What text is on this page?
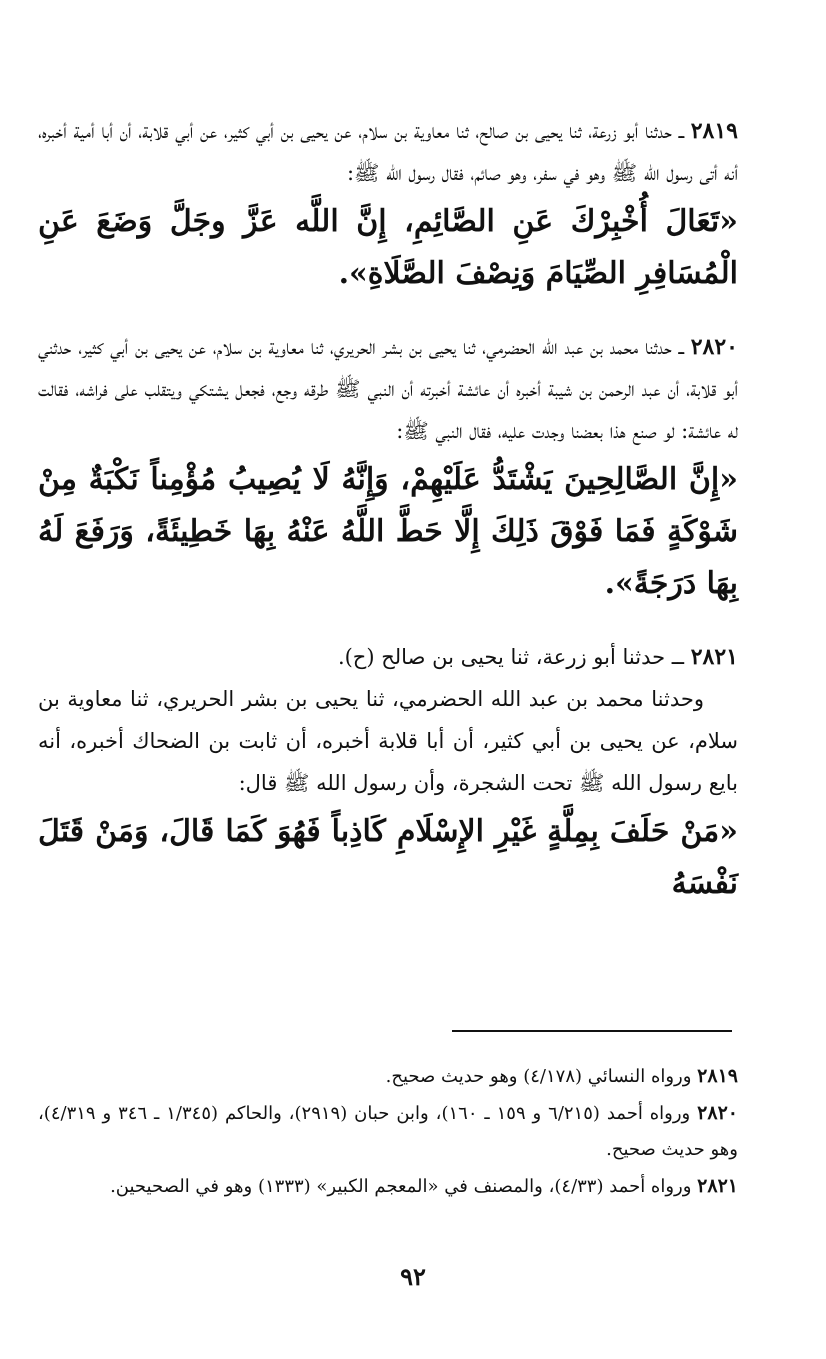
٢٨١٩ ــ حدثنا أبو زرعة، ثنا يحيى بن صالح، ثنا معاوية بن سلام، عن يحيى بن أبي كثير، عن أبي قلابة، أن أبا أمية أخبره، أنه أتى رسول الله ﷺ وهو في سفر، وهو صائم، فقال رسول الله ﷺ:

«تَعَالَ أُخْبِرْكَ عَنِ الصَّائِمِ، إِنَّ اللَّه عَزَّ وجَلَّ وَضَعَ عَنِ الْمُسَافِرِ الصِّيَامَ وَنِصْفَ الصَّلَاةِ».

٢٨٢٠ ــ حدثنا محمد بن عبد الله الحضرمي، ثنا يحيى بن بشر الحريري، ثنا معاوية بن سلام، عن يحيى بن أبي كثير، حدثني أبو قلابة، أن عبد الرحمن بن شيبة أخبره أن عائشة أخبرته أن النبي ﷺ طرقه وجع، فجعل يشتكي ويتقلب على فراشه، فقالت له عائشة: لو صنع هذا بعضنا وجدت عليه، فقال النبي ﷺ:

«إِنَّ الصَّالِحِينَ يَشْتَدُّ عَلَيْهِمْ، وَإِنَّهُ لَا يُصِيبُ مُؤْمِناً نَكْبَةٌ مِنْ شَوْكَةٍ فَمَا فَوْقَ ذَلِكَ إِلَّا حَطَّ اللَّهُ عَنْهُ بِهَا خَطِيئَةً، وَرَفَعَ لَهُ بِهَا دَرَجَةً».

٢٨٢١ ــ حدثنا أبو زرعة، ثنا يحيى بن صالح (ح).

وحدثنا محمد بن عبد الله الحضرمي، ثنا يحيى بن بشر الحريري، ثنا معاوية بن سلام، عن يحيى بن أبي كثير، أن أبا قلابة أخبره، أن ثابت بن الضحاك أخبره، أنه بايع رسول الله ﷺ تحت الشجرة، وأن رسول الله ﷺ قال:

«مَنْ حَلَفَ بِمِلَّةٍ غَيْرِ الإِسْلَامِ كَاذِباً فَهُوَ كَمَا قَالَ، وَمَنْ قَتَلَ نَفْسَهُ

٢٨١٩ ورواه النسائي (٤/١٧٨) وهو حديث صحيح.

٢٨٢٠ ورواه أحمد (٦/٢١٥ و ١٥٩ ـ ١٦٠)، وابن حبان (٢٩١٩)، والحاكم (١/٣٤٥ ـ ٣٤٦ و ٤/٣١٩)، وهو حديث صحيح.

٢٨٢١ ورواه أحمد (٤/٣٣)، والمصنف في «المعجم الكبير» (١٣٣٣) وهو في الصحيحين.

٩٢
